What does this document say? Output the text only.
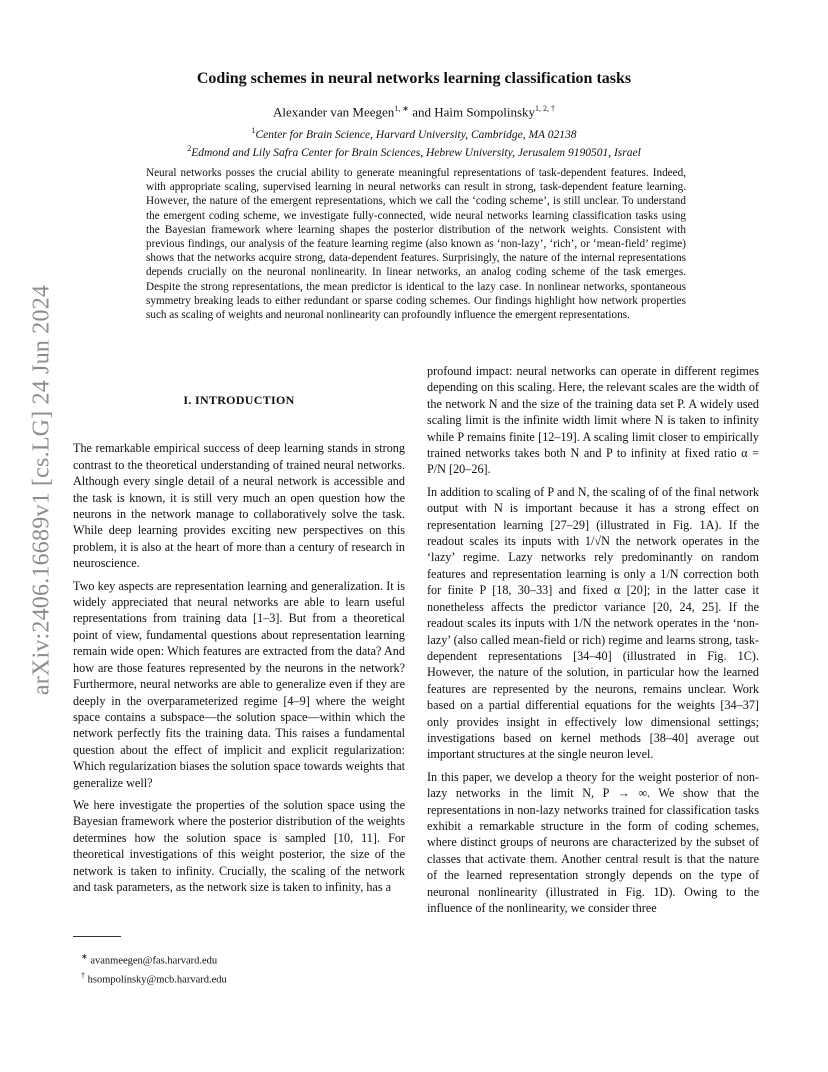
arXiv:2406.16689v1 [cs.LG] 24 Jun 2024
Coding schemes in neural networks learning classification tasks
Alexander van Meegen$^{1, ∗}$ and Haim Sompolinsky$^{1, 2, \dagger}$
$^1$Center for Brain Science, Harvard University, Cambridge, MA 02138
$^2$Edmond and Lily Safra Center for Brain Sciences, Hebrew University, Jerusalem 9190501, Israel

Neural networks posses the crucial ability to generate meaningful representations of task-dependent features. Indeed, with appropriate scaling, supervised learning in neural networks can result in strong, task-dependent feature learning. However, the nature of the emergent representations, which we call the ‘coding scheme’, is still unclear. To understand the emergent coding scheme, we investigate fully-connected, wide neural networks learning classification tasks using the Bayesian framework where learning shapes the posterior distribution of the network weights. Consistent with previous findings, our analysis of the feature learning regime (also known as ‘non-lazy’, ‘rich’, or ‘mean-field’ regime) shows that the networks acquire strong, data-dependent features. Surprisingly, the nature of the internal representations depends crucially on the neuronal nonlinearity. In linear networks, an analog coding scheme of the task emerges. Despite the strong representations, the mean predictor is identical to the lazy case. In nonlinear networks, spontaneous symmetry breaking leads to either redundant or sparse coding schemes. Our findings highlight how network properties such as scaling of weights and neuronal nonlinearity can profoundly influence the emergent representations.

I. INTRODUCTION

The remarkable empirical success of deep learning stands in strong contrast to the theoretical understanding of trained neural networks. Although every single detail of a neural network is accessible and the task is known, it is still very much an open question how the neurons in the network manage to collaboratively solve the task. While deep learning provides exciting new perspectives on this problem, it is also at the heart of more than a century of research in neuroscience.

Two key aspects are representation learning and generalization. It is widely appreciated that neural networks are able to learn useful representations from training data [1–3]. But from a theoretical point of view, fundamental questions about representation learning remain wide open: Which features are extracted from the data? And how are those features represented by the neurons in the network? Furthermore, neural networks are able to generalize even if they are deeply in the overparameterized regime [4–9] where the weight space contains a subspace—the solution space—within which the network perfectly fits the training data. This raises a fundamental question about the effect of implicit and explicit regularization: Which regularization biases the solution space towards weights that generalize well?

We here investigate the properties of the solution space using the Bayesian framework where the posterior distribution of the weights determines how the solution space is sampled [10, 11]. For theoretical investigations of this weight posterior, the size of the network is taken to infinity. Crucially, the scaling of the network and task parameters, as the network size is taken to infinity, has a

profound impact: neural networks can operate in different regimes depending on this scaling. Here, the relevant scales are the width of the network N and the size of the training data set P. A widely used scaling limit is the infinite width limit where N is taken to infinity while P remains finite [12–19]. A scaling limit closer to empirically trained networks takes both N and P to infinity at fixed ratio α = P/N [20–26].

In addition to scaling of P and N, the scaling of of the final network output with N is important because it has a strong effect on representation learning [27–29] (illustrated in Fig. 1A). If the readout scales its inputs with 1/√N the network operates in the ‘lazy’ regime. Lazy networks rely predominantly on random features and representation learning is only a 1/N correction both for finite P [18, 30–33] and fixed α [20]; in the latter case it nonetheless affects the predictor variance [20, 24, 25]. If the readout scales its inputs with 1/N the network operates in the ‘non-lazy’ (also called mean-field or rich) regime and learns strong, task-dependent representations [34–40] (illustrated in Fig. 1C). However, the nature of the solution, in particular how the learned features are represented by the neurons, remains unclear. Work based on a partial differential equations for the weights [34–37] only provides insight in effectively low dimensional settings; investigations based on kernel methods [38–40] average out important structures at the single neuron level.

In this paper, we develop a theory for the weight posterior of non-lazy networks in the limit N, P → ∞. We show that the representations in non-lazy networks trained for classification tasks exhibit a remarkable structure in the form of coding schemes, where distinct groups of neurons are characterized by the subset of classes that activate them. Another central result is that the nature of the learned representation strongly depends on the type of neuronal nonlinearity (illustrated in Fig. 1D). Owing to the influence of the nonlinearity, we consider three

∗ avanmeegen@fas.harvard.edu
† hsompolinsky@mcb.harvard.edu
